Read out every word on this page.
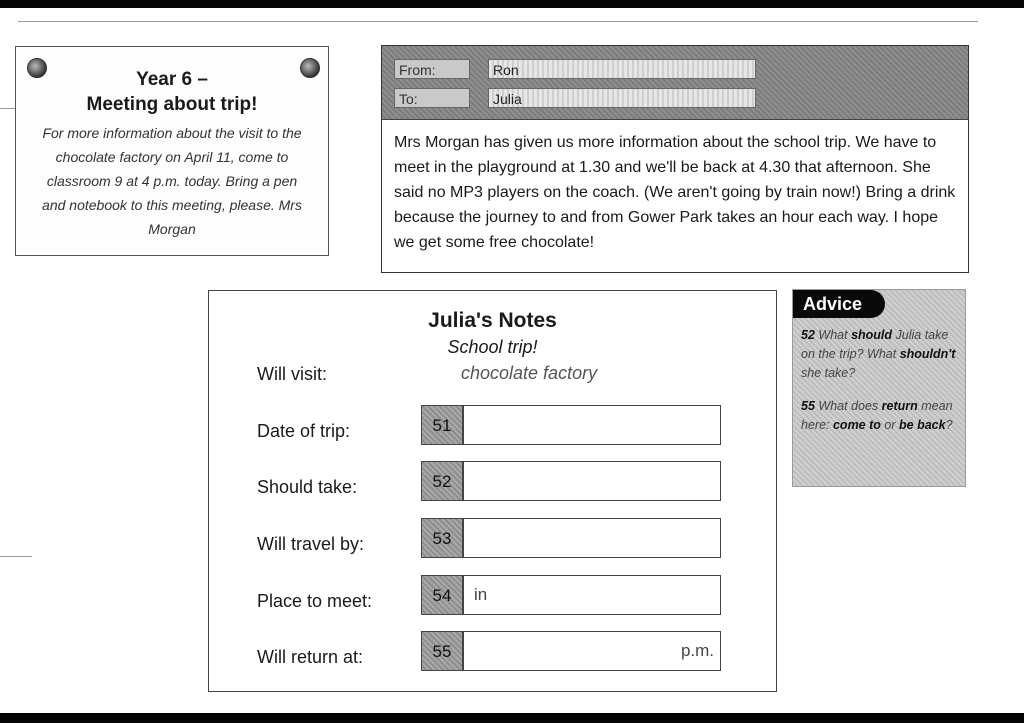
Year 6 –
Meeting about trip!
For more information about the visit to the chocolate factory on April 11, come to classroom 9 at 4 p.m. today. Bring a pen and notebook to this meeting, please. Mrs Morgan
From:	Ron
To:	Julia
Mrs Morgan has given us more information about the school trip. We have to meet in the playground at 1.30 and we'll be back at 4.30 that afternoon. She said no MP3 players on the coach. (We aren't going by train now!) Bring a drink because the journey to and from Gower Park takes an hour each way. I hope we get some free chocolate!
Julia's Notes
School trip!
Will visit:	chocolate factory
Date of trip:	51
Should take:	52
Will travel by:	53
Place to meet:	54	in
Will return at:	55	p.m.
Advice
52 What should Julia take on the trip? What shouldn't she take?
55 What does return mean here: come to or be back?
